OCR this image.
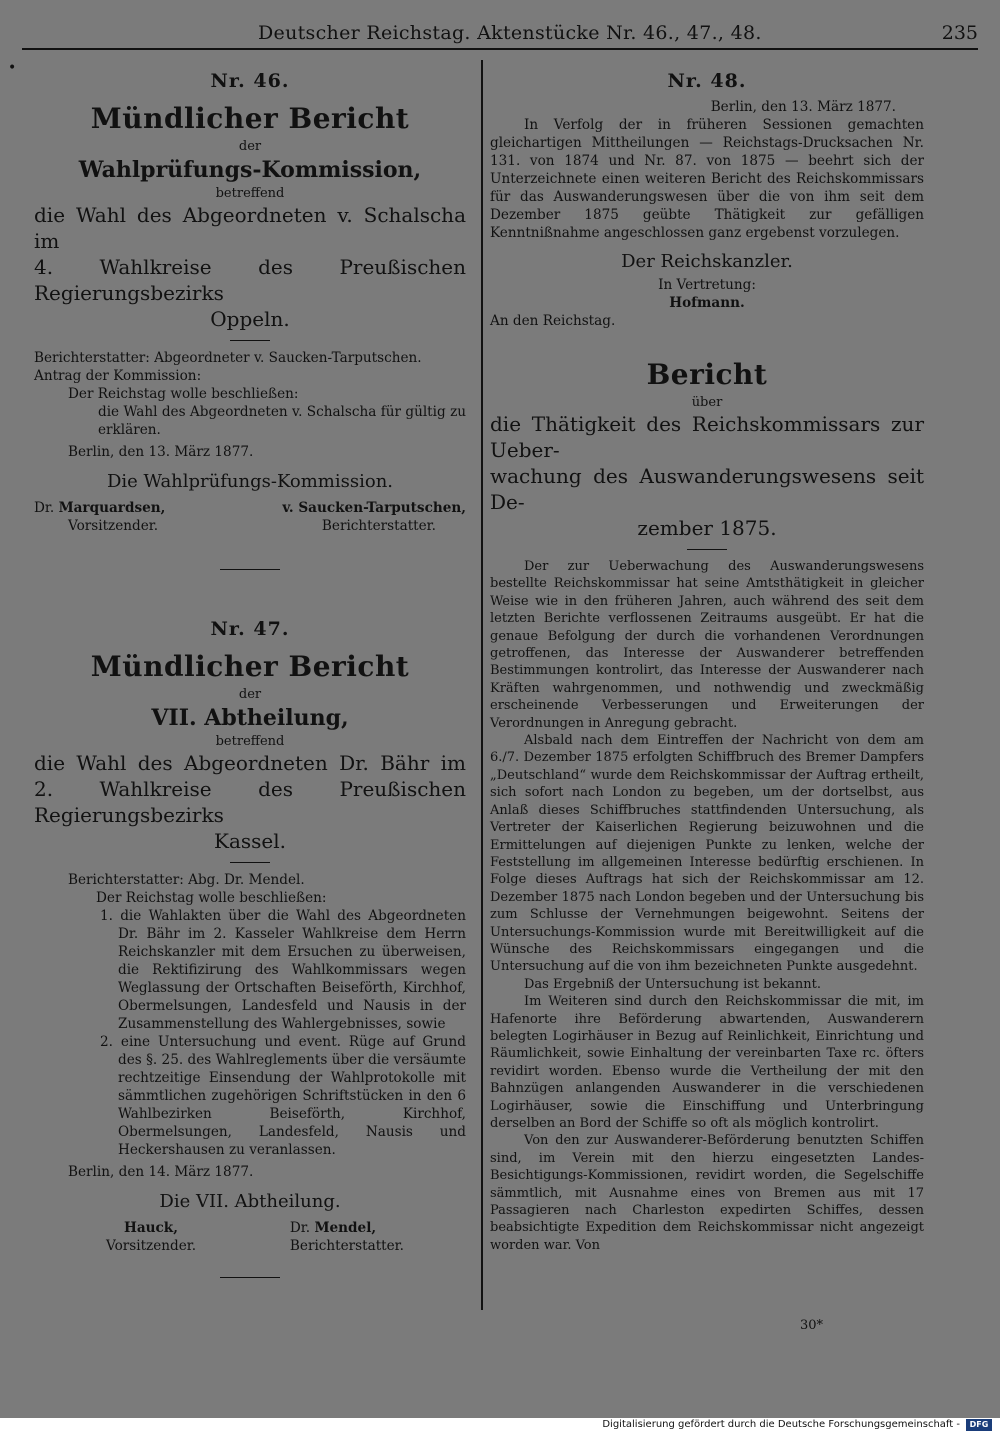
Deutscher Reichstag. Aktenstücke Nr. 46., 47., 48.	235
•
Nr. 46.
Mündlicher Bericht
der
Wahlprüfungs-Kommission,
betreffend
die Wahl des Abgeordneten v. Schalscha im
4. Wahlkreise des Preußischen Regierungsbezirks
Oppeln.
Berichterstatter: Abgeordneter v. Saucken-Tarputschen.
Antrag der Kommission:
Der Reichstag wolle beschließen:
die Wahl des Abgeordneten v. Schalscha für gültig zu erklären.
Berlin, den 13. März 1877.
Die Wahlprüfungs-Kommission.
Dr. Marquardsen,
Vorsitzender.
v. Saucken-Tarputschen,
Berichterstatter.
Nr. 47.
Mündlicher Bericht
der
VII. Abtheilung,
betreffend
die Wahl des Abgeordneten Dr. Bähr im
2. Wahlkreise des Preußischen Regierungsbezirks
Kassel.
Berichterstatter: Abg. Dr. Mendel.
Der Reichstag wolle beschließen:
1. die Wahlakten über die Wahl des Abgeordneten Dr. Bähr im 2. Kasseler Wahlkreise dem Herrn Reichskanzler mit dem Ersuchen zu überweisen, die Rektifizirung des Wahlkommissars wegen Weglassung der Ortschaften Beiseförth, Kirchhof, Obermelsungen, Landesfeld und Nausis in der Zusammenstellung des Wahlergebnisses, sowie
2. eine Untersuchung und event. Rüge auf Grund des §. 25. des Wahlreglements über die versäumte rechtzeitige Einsendung der Wahlprotokolle mit sämmtlichen zugehörigen Schriftstücken in den 6 Wahlbezirken Beiseförth, Kirchhof, Obermelsungen, Landesfeld, Nausis und Heckershausen zu veranlassen.
Berlin, den 14. März 1877.
Die VII. Abtheilung.
Hauck,
Vorsitzender.
Dr. Mendel,
Berichterstatter.
Nr. 48.
Berlin, den 13. März 1877.
In Verfolg der in früheren Sessionen gemachten gleichartigen Mittheilungen — Reichstags-Drucksachen Nr. 131. von 1874 und Nr. 87. von 1875 — beehrt sich der Unterzeichnete einen weiteren Bericht des Reichskommissars für das Auswanderungswesen über die von ihm seit dem Dezember 1875 geübte Thätigkeit zur gefälligen Kenntnißnahme angeschlossen ganz ergebenst vorzulegen.
Der Reichskanzler.
In Vertretung:
Hofmann.
An den Reichstag.
Bericht
über
die Thätigkeit des Reichskommissars zur Ueber-
wachung des Auswanderungswesens seit De-
zember 1875.
Der zur Ueberwachung des Auswanderungswesens bestellte Reichskommissar hat seine Amtsthätigkeit in gleicher Weise wie in den früheren Jahren, auch während des seit dem letzten Berichte verflossenen Zeitraums ausgeübt. Er hat die genaue Befolgung der durch die vorhandenen Verordnungen getroffenen, das Interesse der Auswanderer betreffenden Bestimmungen kontrolirt, das Interesse der Auswanderer nach Kräften wahrgenommen, und nothwendig und zweckmäßig erscheinende Verbesserungen und Erweiterungen der Verordnungen in Anregung gebracht.
Alsbald nach dem Eintreffen der Nachricht von dem am 6./7. Dezember 1875 erfolgten Schiffbruch des Bremer Dampfers „Deutschland“ wurde dem Reichskommissar der Auftrag ertheilt, sich sofort nach London zu begeben, um der dortselbst, aus Anlaß dieses Schiffbruches stattfindenden Untersuchung, als Vertreter der Kaiserlichen Regierung beizuwohnen und die Ermittelungen auf diejenigen Punkte zu lenken, welche der Feststellung im allgemeinen Interesse bedürftig erschienen. In Folge dieses Auftrags hat sich der Reichskommissar am 12. Dezember 1875 nach London begeben und der Untersuchung bis zum Schlusse der Vernehmungen beigewohnt. Seitens der Untersuchungs-Kommission wurde mit Bereitwilligkeit auf die Wünsche des Reichskommissars eingegangen und die Untersuchung auf die von ihm bezeichneten Punkte ausgedehnt.
Das Ergebniß der Untersuchung ist bekannt.
Im Weiteren sind durch den Reichskommissar die mit, im Hafenorte ihre Beförderung abwartenden, Auswanderern belegten Logirhäuser in Bezug auf Reinlichkeit, Einrichtung und Räumlichkeit, sowie Einhaltung der vereinbarten Taxe rc. öfters revidirt worden. Ebenso wurde die Vertheilung der mit den Bahnzügen anlangenden Auswanderer in die verschiedenen Logirhäuser, sowie die Einschiffung und Unterbringung derselben an Bord der Schiffe so oft als möglich kontrolirt.
Von den zur Auswanderer-Beförderung benutzten Schiffen sind, im Verein mit den hierzu eingesetzten Landes-Besichtigungs-Kommissionen, revidirt worden, die Segelschiffe sämmtlich, mit Ausnahme eines von Bremen aus mit 17 Passagieren nach Charleston expedirten Schiffes, dessen beabsichtigte Expedition dem Reichskommissar nicht angezeigt worden war. Von
30*
Digitalisierung gefördert durch die Deutsche Forschungsgemeinschaft -	DFG
